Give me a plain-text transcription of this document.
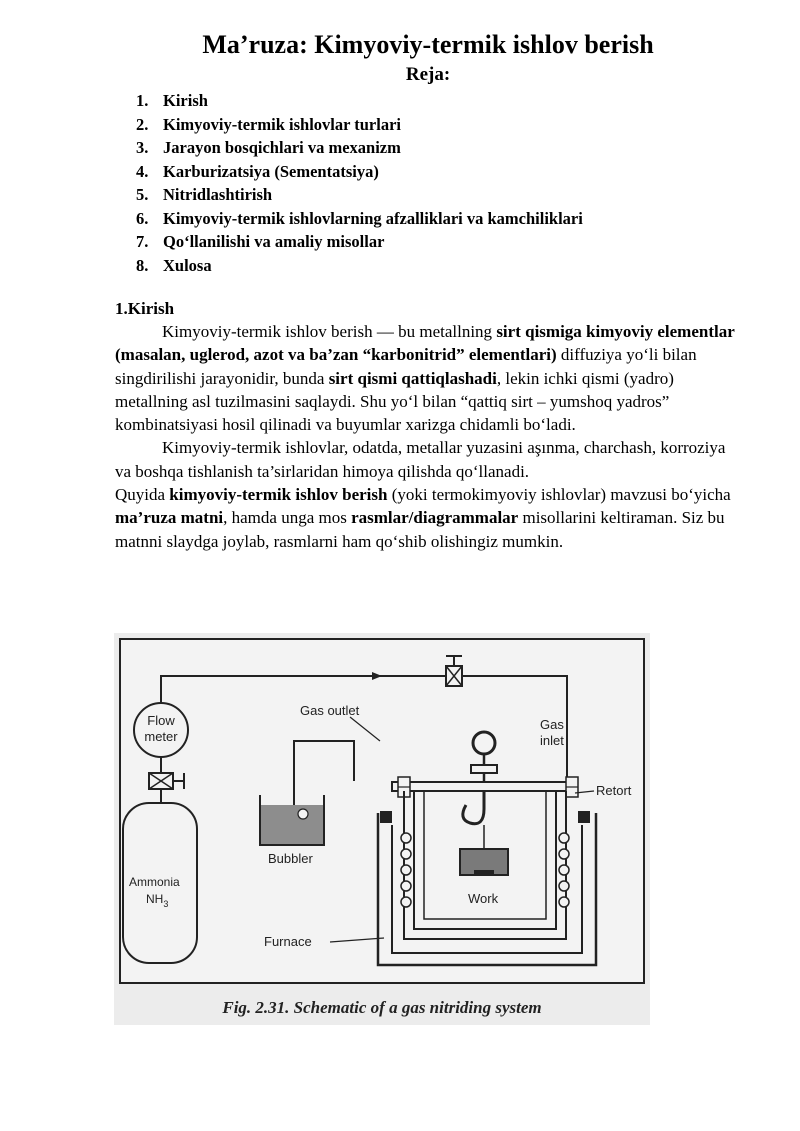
Ma’ruza: Kimyoviy-termik ishlov berish
Reja:
1. Kirish
2. Kimyoviy-termik ishlovlar turlari
3. Jarayon bosqichlari va mexanizm
4. Karburizatsiya (Sementatsiya)
5. Nitridlashtirish
6. Kimyoviy-termik ishlovlarning afzalliklari va kamchiliklari
7. Qo‘llanilishi va amaliy misollar
8. Xulosa
1.Kirish

Kimyoviy-termik ishlov berish — bu metallning sirt qismiga kimyoviy elementlar (masalan, uglerod, azot va ba’zan “karbonitrid” elementlari) diffuziya yo‘li bilan singdirilishi jarayonidir, bunda sirt qismi qattiqlashadi, lekin ichki qismi (yadro) metallning asl tuzilmasini saqlaydi. Shu yo‘l bilan “qattiq sirt – yumshoq yadros” kombinatsiyasi hosil qilinadi va buyumlar xarizga chidamli bo‘ladi.

Kimyoviy-termik ishlovlar, odatda, metallar yuzasini aşınma, charchash, korroziya va boshqa tishlanish ta’sirlaridan himoya qilishda qo‘llanadi.

Quyida kimyoviy-termik ishlov berish (yoki termokimyoviy ishlovlar) mavzusi bo‘yicha ma’ruza matni, hamda unga mos rasmlar/diagrammalar misollarini keltiraman. Siz bu matnni slaydga joylab, rasmlarni ham qo‘shib olishingiz mumkin.

Flow
meter
Ammonia
$NH_3$
Gas outlet
Bubbler
Gas
inlet
Retort
Work
Furnace
Fig. 2.31. Schematic of a gas nitriding system
